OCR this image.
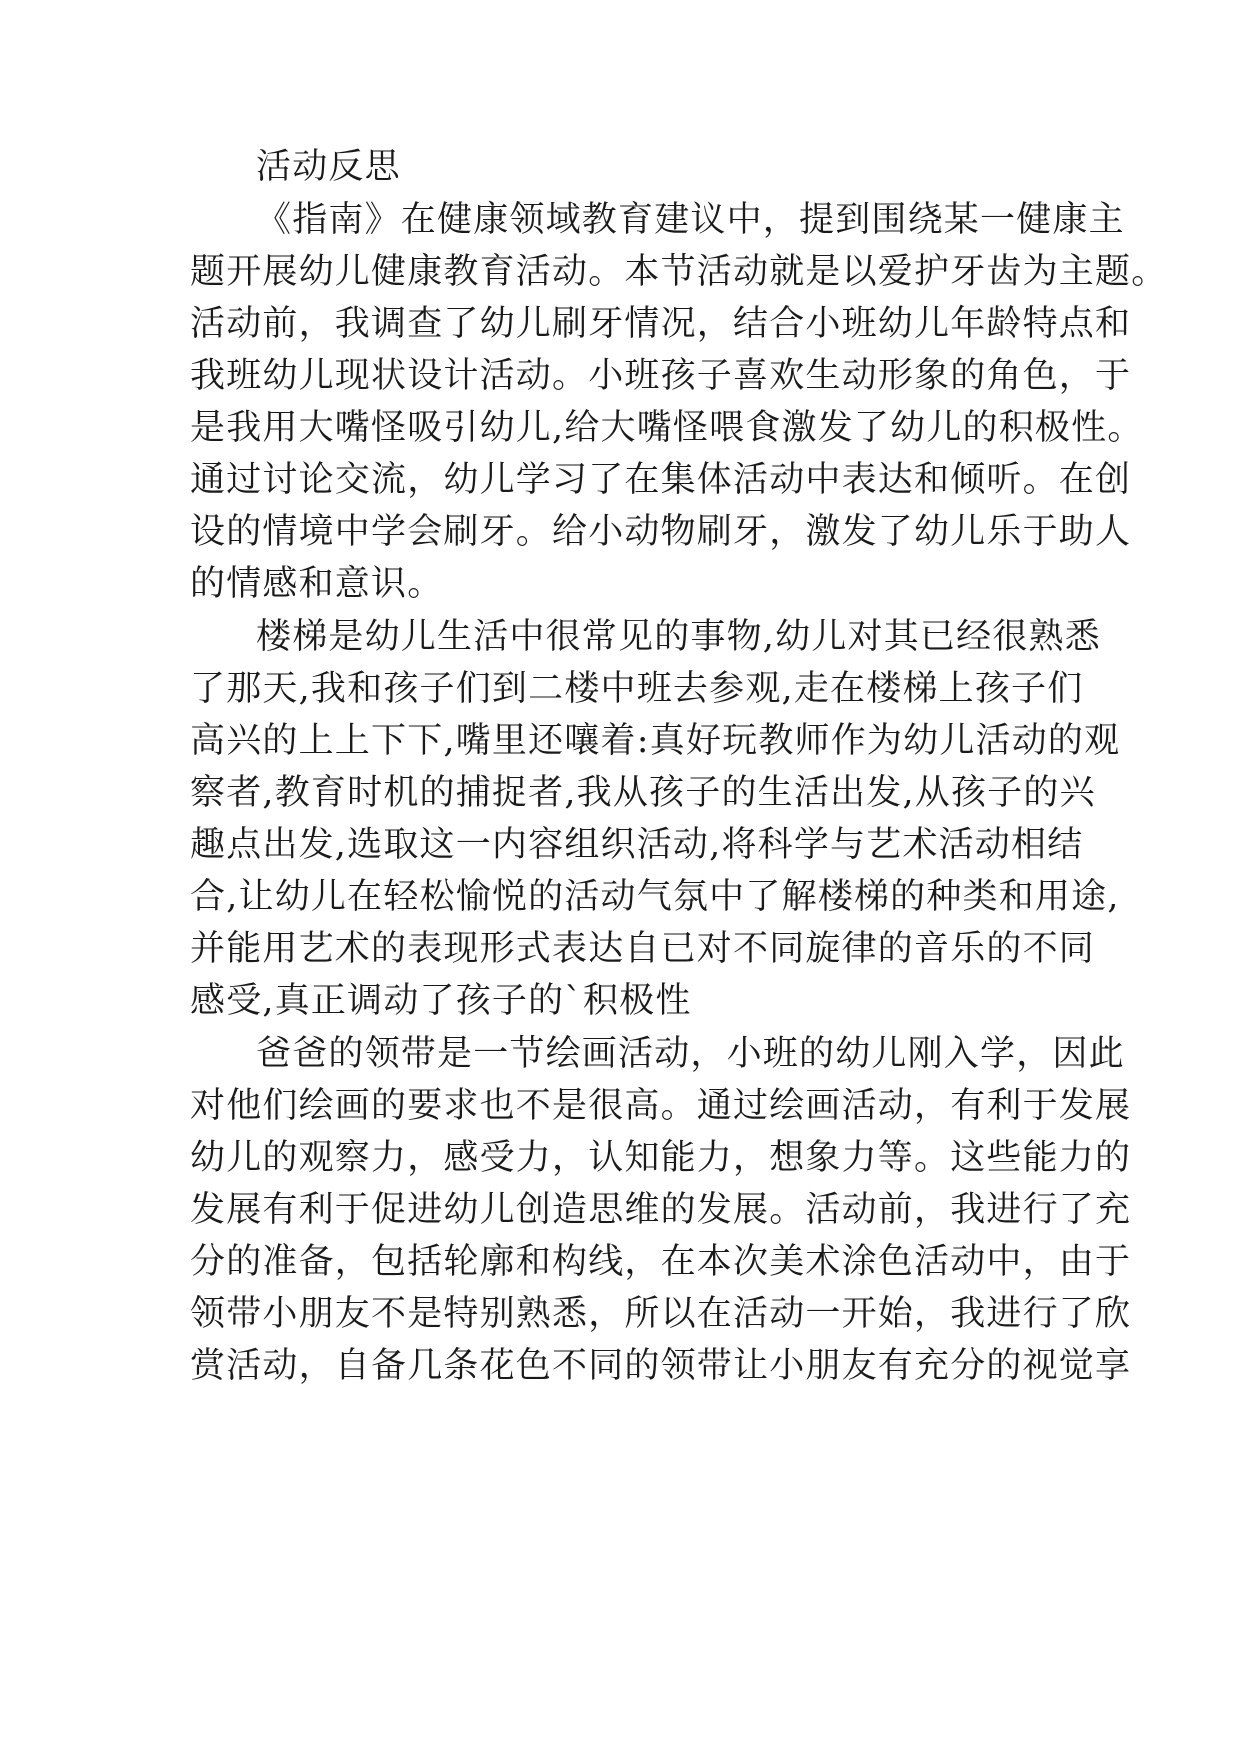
活动反思
《指南》在健康领域教育建议中，提到围绕某一健康主
题开展幼儿健康教育活动。本节活动就是以爱护牙齿为主题。
活动前，我调查了幼儿刷牙情况，结合小班幼儿年龄特点和
我班幼儿现状设计活动。小班孩子喜欢生动形象的角色，于
是我用大嘴怪吸引幼儿,给大嘴怪喂食激发了幼儿的积极性。
通过讨论交流，幼儿学习了在集体活动中表达和倾听。在创
设的情境中学会刷牙。给小动物刷牙，激发了幼儿乐于助人
的情感和意识。
楼梯是幼儿生活中很常见的事物,幼儿对其已经很熟悉
了那天,我和孩子们到二楼中班去参观,走在楼梯上孩子们
高兴的上上下下,嘴里还嚷着:真好玩教师作为幼儿活动的观
察者,教育时机的捕捉者,我从孩子的生活出发,从孩子的兴
趣点出发,选取这一内容组织活动,将科学与艺术活动相结
合,让幼儿在轻松愉悦的活动气氛中了解楼梯的种类和用途,
并能用艺术的表现形式表达自已对不同旋律的音乐的不同
感受,真正调动了孩子的`积极性
爸爸的领带是一节绘画活动，小班的幼儿刚入学，因此
对他们绘画的要求也不是很高。通过绘画活动，有利于发展
幼儿的观察力，感受力，认知能力，想象力等。这些能力的
发展有利于促进幼儿创造思维的发展。活动前，我进行了充
分的准备，包括轮廓和构线，在本次美术涂色活动中，由于
领带小朋友不是特别熟悉，所以在活动一开始，我进行了欣
赏活动，自备几条花色不同的领带让小朋友有充分的视觉享
